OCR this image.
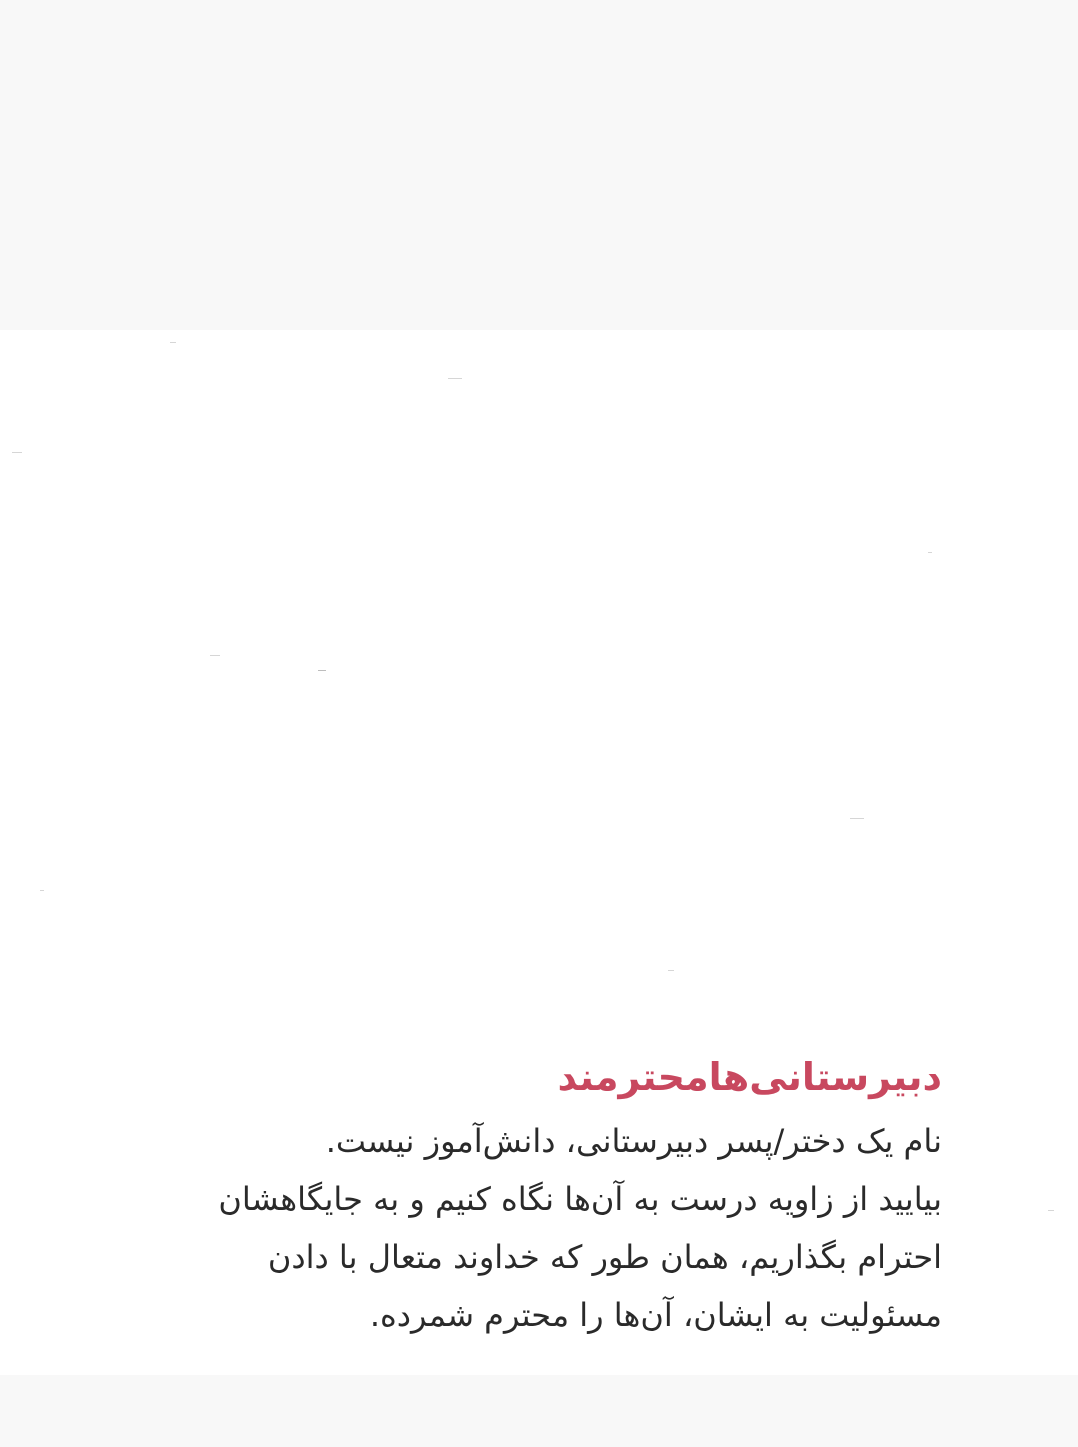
دبیرستانی‌هامحترمند

نام یک دختر/پسر دبیرستانی، دانش‌آموز نیست.

بیایید از زاویه درست به آن‌ها نگاه کنیم و به جایگاهشان

احترام بگذاریم، همان طور که خداوند متعال با دادن

مسئولیت به ایشان، آن‌ها را محترم شمرده.
